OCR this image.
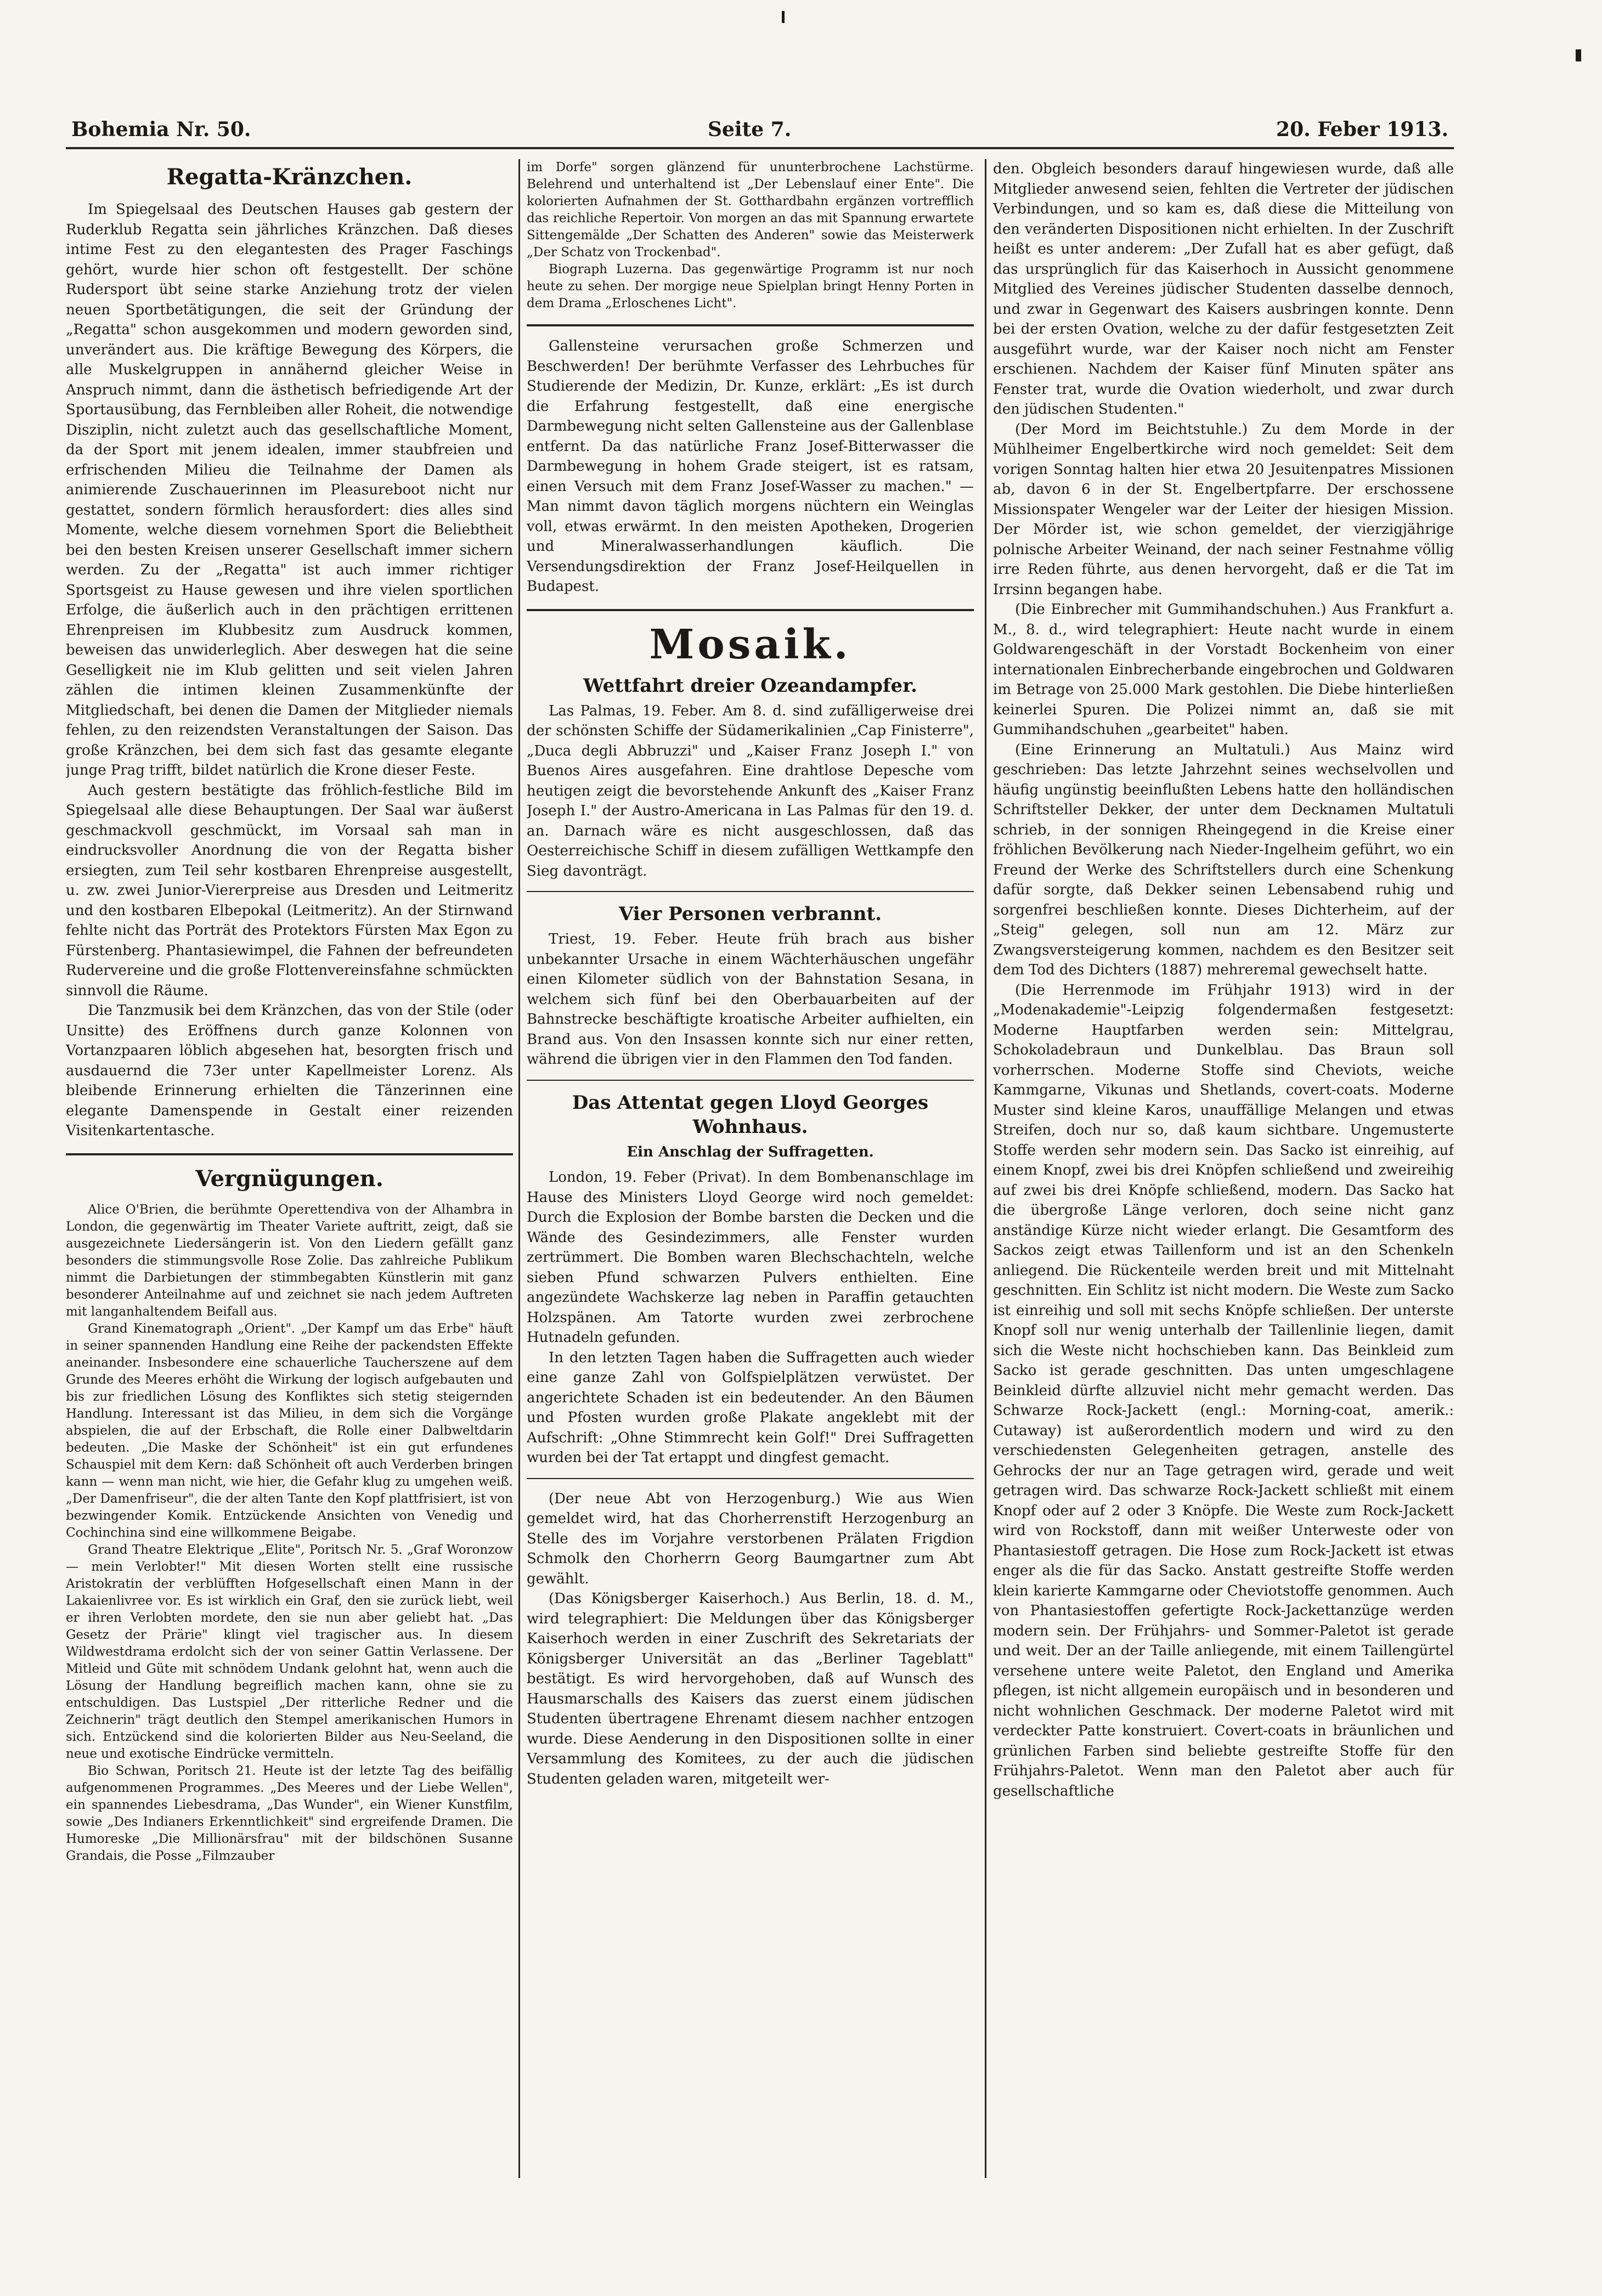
Bohemia Nr. 50.	Seite 7.	20. Feber 1913.
Regatta-Kränzchen.

Im Spiegelsaal des Deutschen Hauses gab gestern der Ruderklub Regatta sein jährliches Kränzchen. Daß dieses intime Fest zu den elegantesten des Prager Faschings gehört, wurde hier schon oft festgestellt. Der schöne Rudersport übt seine starke Anziehung trotz der vielen neuen Sportbetätigungen, die seit der Gründung der „Regatta" schon ausgekommen und modern geworden sind, unverändert aus. Die kräftige Bewegung des Körpers, die alle Muskelgruppen in annähernd gleicher Weise in Anspruch nimmt, dann die ästhetisch befriedigende Art der Sportausübung, das Fernbleiben aller Roheit, die notwendige Disziplin, nicht zuletzt auch das gesellschaftliche Moment, da der Sport mit jenem idealen, immer staubfreien und erfrischenden Milieu die Teilnahme der Damen als animierende Zuschauerinnen im Pleasureboot nicht nur gestattet, sondern förmlich herausfordert: dies alles sind Momente, welche diesem vornehmen Sport die Beliebtheit bei den besten Kreisen unserer Gesellschaft immer sichern werden. Zu der „Regatta" ist auch immer richtiger Sportsgeist zu Hause gewesen und ihre vielen sportlichen Erfolge, die äußerlich auch in den prächtigen errittenen Ehrenpreisen im Klubbesitz zum Ausdruck kommen, beweisen das unwiderleglich. Aber deswegen hat die seine Geselligkeit nie im Klub gelitten und seit vielen Jahren zählen die intimen kleinen Zusammenkünfte der Mitgliedschaft, bei denen die Damen der Mitglieder niemals fehlen, zu den reizendsten Veranstaltungen der Saison. Das große Kränzchen, bei dem sich fast das gesamte elegante junge Prag trifft, bildet natürlich die Krone dieser Feste.

Auch gestern bestätigte das fröhlich-festliche Bild im Spiegelsaal alle diese Behauptungen. Der Saal war äußerst geschmackvoll geschmückt, im Vorsaal sah man in eindrucksvoller Anordnung die von der Regatta bisher ersiegten, zum Teil sehr kostbaren Ehrenpreise ausgestellt, u. zw. zwei Junior-Viererpreise aus Dresden und Leitmeritz und den kostbaren Elbepokal (Leitmeritz). An der Stirnwand fehlte nicht das Porträt des Protektors Fürsten Max Egon zu Fürstenberg. Phantasiewimpel, die Fahnen der befreundeten Rudervereine und die große Flottenvereinsfahne schmückten sinnvoll die Räume.

Die Tanzmusik bei dem Kränzchen, das von der Stile (oder Unsitte) des Eröffnens durch ganze Kolonnen von Vortanzpaaren löblich abgesehen hat, besorgten frisch und ausdauernd die 73er unter Kapellmeister Lorenz. Als bleibende Erinnerung erhielten die Tänzerinnen eine elegante Damenspende in Gestalt einer reizenden Visitenkartentasche.

Vergnügungen.

Alice O'Brien, die berühmte Operettendiva von der Alhambra in London, die gegenwärtig im Theater Variete auftritt, zeigt, daß sie ausgezeichnete Liedersängerin ist. Von den Liedern gefällt ganz besonders die stimmungsvolle Rose Zolie. Das zahlreiche Publikum nimmt die Darbietungen der stimmbegabten Künstlerin mit ganz besonderer Anteilnahme auf und zeichnet sie nach jedem Auftreten mit langanhaltendem Beifall aus.

Grand Kinematograph „Orient". „Der Kampf um das Erbe" häuft in seiner spannenden Handlung eine Reihe der packendsten Effekte aneinander. Insbesondere eine schauerliche Taucherszene auf dem Grunde des Meeres erhöht die Wirkung der logisch aufgebauten und bis zur friedlichen Lösung des Konfliktes sich stetig steigernden Handlung. Interessant ist das Milieu, in dem sich die Vorgänge abspielen, die auf der Erbschaft, die Rolle einer Dalbweltdarin bedeuten. „Die Maske der Schönheit" ist ein gut erfundenes Schauspiel mit dem Kern: daß Schönheit oft auch Verderben bringen kann — wenn man nicht, wie hier, die Gefahr klug zu umgehen weiß. „Der Damenfriseur", die der alten Tante den Kopf plattfrisiert, ist von bezwingender Komik. Entzückende Ansichten von Venedig und Cochinchina sind eine willkommene Beigabe.

Grand Theatre Elektrique „Elite", Poritsch Nr. 5. „Graf Woronzow — mein Verlobter!" Mit diesen Worten stellt eine russische Aristokratin der verblüfften Hofgesellschaft einen Mann in der Lakaienlivree vor. Es ist wirklich ein Graf, den sie zurück liebt, weil er ihren Verlobten mordete, den sie nun aber geliebt hat. „Das Gesetz der Prärie" klingt viel tragischer aus. In diesem Wildwestdrama erdolcht sich der von seiner Gattin Verlassene. Der Mitleid und Güte mit schnödem Undank gelohnt hat, wenn auch die Lösung der Handlung begreiflich machen kann, ohne sie zu entschuldigen. Das Lustspiel „Der ritterliche Redner und die Zeichnerin" trägt deutlich den Stempel amerikanischen Humors in sich. Entzückend sind die kolorierten Bilder aus Neu-Seeland, die neue und exotische Eindrücke vermitteln.

Bio Schwan, Poritsch 21. Heute ist der letzte Tag des beifällig aufgenommenen Programmes. „Des Meeres und der Liebe Wellen", ein spannendes Liebesdrama, „Das Wunder", ein Wiener Kunstfilm, sowie „Des Indianers Erkenntlichkeit" sind ergreifende Dramen. Die Humoreske „Die Millionärsfrau" mit der bildschönen Susanne Grandais, die Posse „Filmzauber

im Dorfe" sorgen glänzend für ununterbrochene Lachstürme. Belehrend und unterhaltend ist „Der Lebenslauf einer Ente". Die kolorierten Aufnahmen der St. Gotthardbahn ergänzen vortrefflich das reichliche Repertoir. Von morgen an das mit Spannung erwartete Sittengemälde „Der Schatten des Anderen" sowie das Meisterwerk „Der Schatz von Trockenbad".

Biograph Luzerna. Das gegenwärtige Programm ist nur noch heute zu sehen. Der morgige neue Spielplan bringt Henny Porten in dem Drama „Erloschenes Licht".

Gallensteine verursachen große Schmerzen und Beschwerden! Der berühmte Verfasser des Lehrbuches für Studierende der Medizin, Dr. Kunze, erklärt: „Es ist durch die Erfahrung festgestellt, daß eine energische Darmbewegung nicht selten Gallensteine aus der Gallenblase entfernt. Da das natürliche Franz Josef-Bitterwasser die Darmbewegung in hohem Grade steigert, ist es ratsam, einen Versuch mit dem Franz Josef-Wasser zu machen." — Man nimmt davon täglich morgens nüchtern ein Weinglas voll, etwas erwärmt. In den meisten Apotheken, Drogerien und Mineralwasserhandlungen käuflich. Die Versendungsdirektion der Franz Josef-Heilquellen in Budapest.

Mosaik.
Wettfahrt dreier Ozeandampfer.

Las Palmas, 19. Feber. Am 8. d. sind zufälligerweise drei der schönsten Schiffe der Südamerikalinien „Cap Finisterre", „Duca degli Abbruzzi" und „Kaiser Franz Joseph I." von Buenos Aires ausgefahren. Eine drahtlose Depesche vom heutigen zeigt die bevorstehende Ankunft des „Kaiser Franz Joseph I." der Austro-Americana in Las Palmas für den 19. d. an. Darnach wäre es nicht ausgeschlossen, daß das Oesterreichische Schiff in diesem zufälligen Wettkampfe den Sieg davonträgt.

Vier Personen verbrannt.

Triest, 19. Feber. Heute früh brach aus bisher unbekannter Ursache in einem Wächterhäuschen ungefähr einen Kilometer südlich von der Bahnstation Sesana, in welchem sich fünf bei den Oberbauarbeiten auf der Bahnstrecke beschäftigte kroatische Arbeiter aufhielten, ein Brand aus. Von den Insassen konnte sich nur einer retten, während die übrigen vier in den Flammen den Tod fanden.

Das Attentat gegen Lloyd Georges Wohnhaus.
Ein Anschlag der Suffragetten.

London, 19. Feber (Privat). In dem Bombenanschlage im Hause des Ministers Lloyd George wird noch gemeldet: Durch die Explosion der Bombe barsten die Decken und die Wände des Gesindezimmers, alle Fenster wurden zertrümmert. Die Bomben waren Blechschachteln, welche sieben Pfund schwarzen Pulvers enthielten. Eine angezündete Wachskerze lag neben in Paraffin getauchten Holzspänen. Am Tatorte wurden zwei zerbrochene Hutnadeln gefunden.

In den letzten Tagen haben die Suffragetten auch wieder eine ganze Zahl von Golfspielplätzen verwüstet. Der angerichtete Schaden ist ein bedeutender. An den Bäumen und Pfosten wurden große Plakate angeklebt mit der Aufschrift: „Ohne Stimmrecht kein Golf!" Drei Suffragetten wurden bei der Tat ertappt und dingfest gemacht.

(Der neue Abt von Herzogenburg.) Wie aus Wien gemeldet wird, hat das Chorherrenstift Herzogenburg an Stelle des im Vorjahre verstorbenen Prälaten Frigdion Schmolk den Chorherrn Georg Baumgartner zum Abt gewählt.

(Das Königsberger Kaiserhoch.) Aus Berlin, 18. d. M., wird telegraphiert: Die Meldungen über das Königsberger Kaiserhoch werden in einer Zuschrift des Sekretariats der Königsberger Universität an das „Berliner Tageblatt" bestätigt. Es wird hervorgehoben, daß auf Wunsch des Hausmarschalls des Kaisers das zuerst einem jüdischen Studenten übertragene Ehrenamt diesem nachher entzogen wurde. Diese Aenderung in den Dispositionen sollte in einer Versammlung des Komitees, zu der auch die jüdischen Studenten geladen waren, mitgeteilt wer-

den. Obgleich besonders darauf hingewiesen wurde, daß alle Mitglieder anwesend seien, fehlten die Vertreter der jüdischen Verbindungen, und so kam es, daß diese die Mitteilung von den veränderten Dispositionen nicht erhielten. In der Zuschrift heißt es unter anderem: „Der Zufall hat es aber gefügt, daß das ursprünglich für das Kaiserhoch in Aussicht genommene Mitglied des Vereines jüdischer Studenten dasselbe dennoch, und zwar in Gegenwart des Kaisers ausbringen konnte. Denn bei der ersten Ovation, welche zu der dafür festgesetzten Zeit ausgeführt wurde, war der Kaiser noch nicht am Fenster erschienen. Nachdem der Kaiser fünf Minuten später ans Fenster trat, wurde die Ovation wiederholt, und zwar durch den jüdischen Studenten."

(Der Mord im Beichtstuhle.) Zu dem Morde in der Mühlheimer Engelbertkirche wird noch gemeldet: Seit dem vorigen Sonntag halten hier etwa 20 Jesuitenpatres Missionen ab, davon 6 in der St. Engelbertpfarre. Der erschossene Missionspater Wengeler war der Leiter der hiesigen Mission. Der Mörder ist, wie schon gemeldet, der vierzigjährige polnische Arbeiter Weinand, der nach seiner Festnahme völlig irre Reden führte, aus denen hervorgeht, daß er die Tat im Irrsinn begangen habe.

(Die Einbrecher mit Gummihandschuhen.) Aus Frankfurt a. M., 8. d., wird telegraphiert: Heute nacht wurde in einem Goldwarengeschäft in der Vorstadt Bockenheim von einer internationalen Einbrecherbande eingebrochen und Goldwaren im Betrage von 25.000 Mark gestohlen. Die Diebe hinterließen keinerlei Spuren. Die Polizei nimmt an, daß sie mit Gummihandschuhen „gearbeitet" haben.

(Eine Erinnerung an Multatuli.) Aus Mainz wird geschrieben: Das letzte Jahrzehnt seines wechselvollen und häufig ungünstig beeinflußten Lebens hatte den holländischen Schriftsteller Dekker, der unter dem Decknamen Multatuli schrieb, in der sonnigen Rheingegend in die Kreise einer fröhlichen Bevölkerung nach Nieder-Ingelheim geführt, wo ein Freund der Werke des Schriftstellers durch eine Schenkung dafür sorgte, daß Dekker seinen Lebensabend ruhig und sorgenfrei beschließen konnte. Dieses Dichterheim, auf der „Steig" gelegen, soll nun am 12. März zur Zwangsversteigerung kommen, nachdem es den Besitzer seit dem Tod des Dichters (1887) mehreremal gewechselt hatte.

(Die Herrenmode im Frühjahr 1913) wird in der „Modenakademie"-Leipzig folgendermaßen festgesetzt: Moderne Hauptfarben werden sein: Mittelgrau, Schokoladebraun und Dunkelblau. Das Braun soll vorherrschen. Moderne Stoffe sind Cheviots, weiche Kammgarne, Vikunas und Shetlands, covert-coats. Moderne Muster sind kleine Karos, unauffällige Melangen und etwas Streifen, doch nur so, daß kaum sichtbare. Ungemusterte Stoffe werden sehr modern sein. Das Sacko ist einreihig, auf einem Knopf, zwei bis drei Knöpfen schließend und zweireihig auf zwei bis drei Knöpfe schließend, modern. Das Sacko hat die übergroße Länge verloren, doch seine nicht ganz anständige Kürze nicht wieder erlangt. Die Gesamtform des Sackos zeigt etwas Taillenform und ist an den Schenkeln anliegend. Die Rückenteile werden breit und mit Mittelnaht geschnitten. Ein Schlitz ist nicht modern. Die Weste zum Sacko ist einreihig und soll mit sechs Knöpfe schließen. Der unterste Knopf soll nur wenig unterhalb der Taillenlinie liegen, damit sich die Weste nicht hochschieben kann. Das Beinkleid zum Sacko ist gerade geschnitten. Das unten umgeschlagene Beinkleid dürfte allzuviel nicht mehr gemacht werden. Das Schwarze Rock-Jackett (engl.: Morning-coat, amerik.: Cutaway) ist außerordentlich modern und wird zu den verschiedensten Gelegenheiten getragen, anstelle des Gehrocks der nur an Tage getragen wird, gerade und weit getragen wird. Das schwarze Rock-Jackett schließt mit einem Knopf oder auf 2 oder 3 Knöpfe. Die Weste zum Rock-Jackett wird von Rockstoff, dann mit weißer Unterweste oder von Phantasiestoff getragen. Die Hose zum Rock-Jackett ist etwas enger als die für das Sacko. Anstatt gestreifte Stoffe werden klein karierte Kammgarne oder Cheviotstoffe genommen. Auch von Phantasiestoffen gefertigte Rock-Jackettanzüge werden modern sein. Der Frühjahrs- und Sommer-Paletot ist gerade und weit. Der an der Taille anliegende, mit einem Taillengürtel versehene untere weite Paletot, den England und Amerika pflegen, ist nicht allgemein europäisch und in besonderen und nicht wohnlichen Geschmack. Der moderne Paletot wird mit verdeckter Patte konstruiert. Covert-coats in bräunlichen und grünlichen Farben sind beliebte gestreifte Stoffe für den Frühjahrs-Paletot. Wenn man den Paletot aber auch für gesellschaftliche
